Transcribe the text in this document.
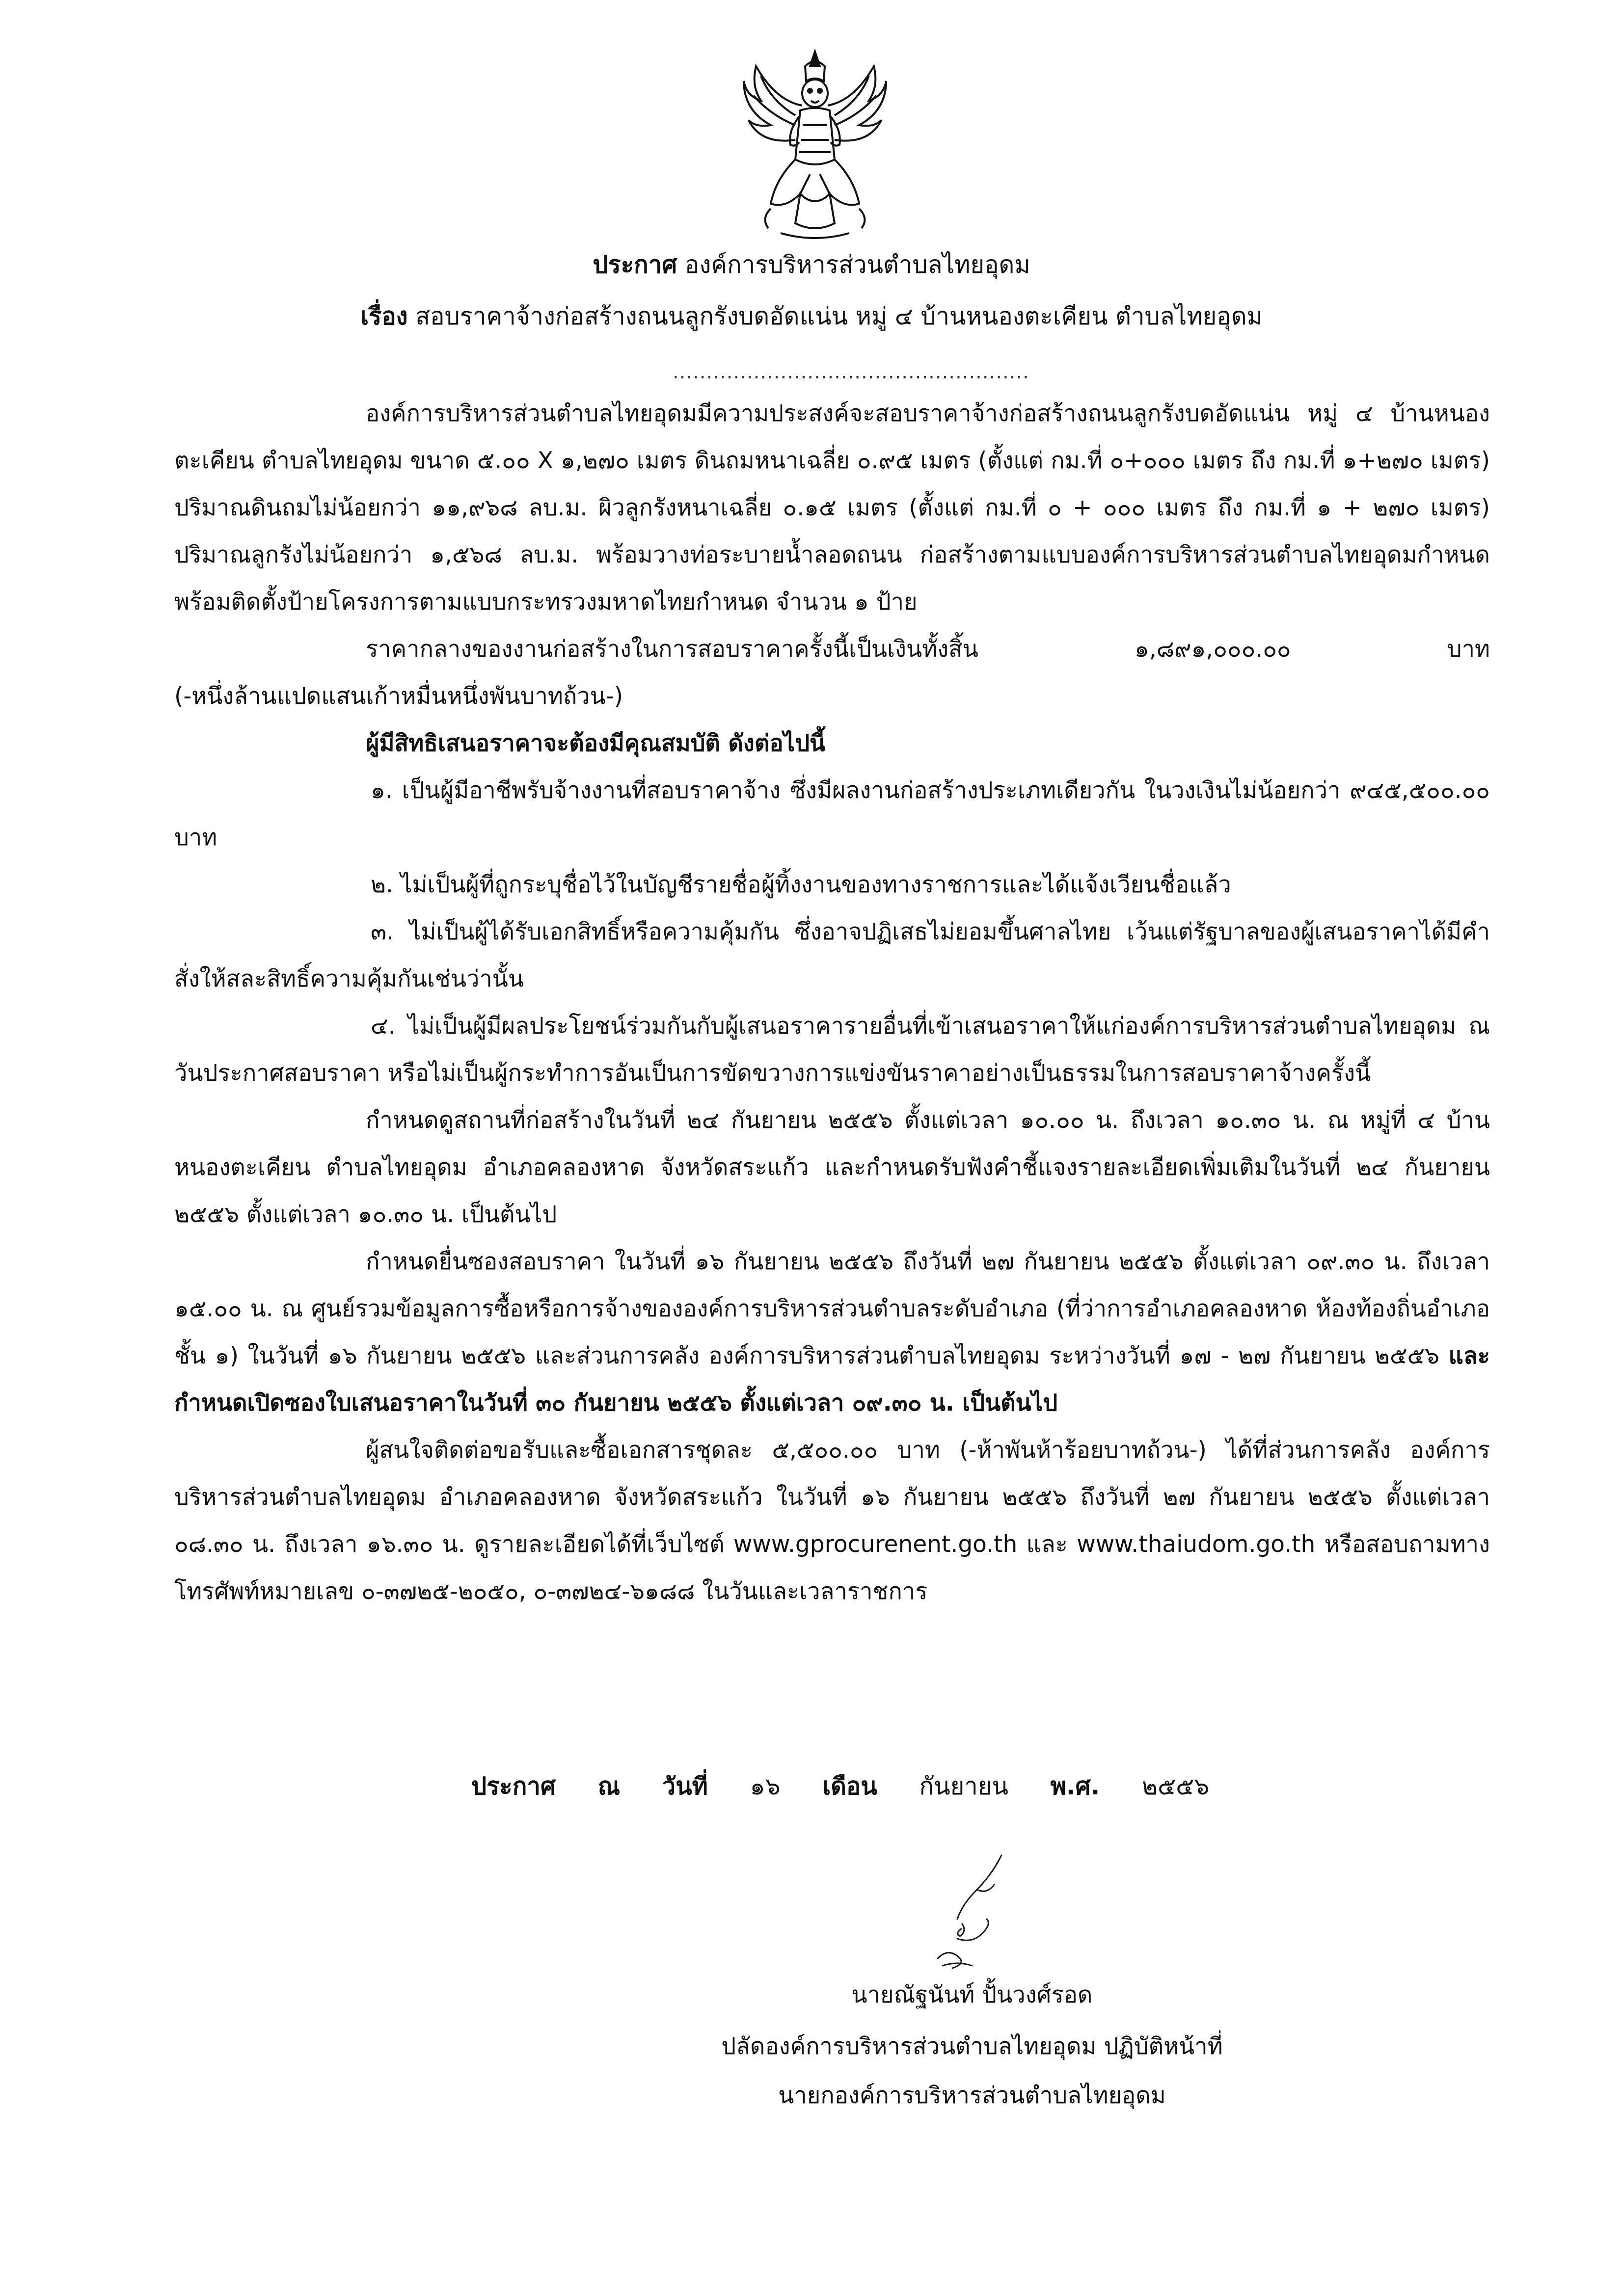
ประกาศ องค์การบริหารส่วนตำบลไทยอุดม
เรื่อง สอบราคาจ้างก่อสร้างถนนลูกรังบดอัดแน่น หมู่ ๔ บ้านหนองตะเคียน ตำบลไทยอุดม
.....................................................

องค์การบริหารส่วนตำบลไทยอุดมมีความประสงค์จะสอบราคาจ้างก่อสร้างถนนลูกรังบดอัดแน่น หมู่ ๔ บ้านหนองตะเคียน ตำบลไทยอุดม ขนาด ๕.๐๐ X ๑,๒๗๐ เมตร ดินถมหนาเฉลี่ย ๐.๙๕ เมตร (ตั้งแต่ กม.ที่ ๐+๐๐๐ เมตร ถึง กม.ที่ ๑+๒๗๐ เมตร) ปริมาณดินถมไม่น้อยกว่า ๑๑,๙๖๘ ลบ.ม. ผิวลูกรังหนาเฉลี่ย ๐.๑๕ เมตร (ตั้งแต่ กม.ที่ ๐ + ๐๐๐ เมตร ถึง กม.ที่ ๑ + ๒๗๐ เมตร) ปริมาณลูกรังไม่น้อยกว่า ๑,๕๖๘ ลบ.ม. พร้อมวางท่อระบายน้ำลอดถนน ก่อสร้างตามแบบองค์การบริหารส่วนตำบลไทยอุดมกำหนด พร้อมติดตั้งป้ายโครงการตามแบบกระทรวงมหาดไทยกำหนด จำนวน ๑ ป้าย

ราคากลางของงานก่อสร้างในการสอบราคาครั้งนี้เป็นเงินทั้งสิ้น	๑,๘๙๑,๐๐๐.๐๐	บาท

(-หนึ่งล้านแปดแสนเก้าหมื่นหนึ่งพันบาทถ้วน-)

ผู้มีสิทธิเสนอราคาจะต้องมีคุณสมบัติ ดังต่อไปนี้

๑. เป็นผู้มีอาชีพรับจ้างงานที่สอบราคาจ้าง ซึ่งมีผลงานก่อสร้างประเภทเดียวกัน ในวงเงินไม่น้อยกว่า ๙๔๕,๕๐๐.๐๐ บาท

๒. ไม่เป็นผู้ที่ถูกระบุชื่อไว้ในบัญชีรายชื่อผู้ทิ้งงานของทางราชการและได้แจ้งเวียนชื่อแล้ว

๓. ไม่เป็นผู้ได้รับเอกสิทธิ์หรือความคุ้มกัน ซึ่งอาจปฏิเสธไม่ยอมขึ้นศาลไทย เว้นแต่รัฐบาลของผู้เสนอราคาได้มีคำสั่งให้สละสิทธิ์ความคุ้มกันเช่นว่านั้น

๔. ไม่เป็นผู้มีผลประโยชน์ร่วมกันกับผู้เสนอราคารายอื่นที่เข้าเสนอราคาให้แก่องค์การบริหารส่วนตำบลไทยอุดม ณ วันประกาศสอบราคา หรือไม่เป็นผู้กระทำการอันเป็นการขัดขวางการแข่งขันราคาอย่างเป็นธรรมในการสอบราคาจ้างครั้งนี้

กำหนดดูสถานที่ก่อสร้างในวันที่ ๒๔ กันยายน ๒๕๕๖ ตั้งแต่เวลา ๑๐.๐๐ น. ถึงเวลา ๑๐.๓๐ น. ณ หมู่ที่ ๔ บ้านหนองตะเคียน ตำบลไทยอุดม อำเภอคลองหาด จังหวัดสระแก้ว และกำหนดรับฟังคำชี้แจงรายละเอียดเพิ่มเติมในวันที่ ๒๔ กันยายน ๒๕๕๖ ตั้งแต่เวลา ๑๐.๓๐ น. เป็นต้นไป

กำหนดยื่นซองสอบราคา ในวันที่ ๑๖ กันยายน ๒๕๕๖ ถึงวันที่ ๒๗ กันยายน ๒๕๕๖ ตั้งแต่เวลา ๐๙.๓๐ น. ถึงเวลา ๑๕.๐๐ น. ณ ศูนย์รวมข้อมูลการซื้อหรือการจ้างขององค์การบริหารส่วนตำบลระดับอำเภอ (ที่ว่าการอำเภอคลองหาด ห้องท้องถิ่นอำเภอ ชั้น ๑) ในวันที่ ๑๖ กันยายน ๒๕๕๖ และส่วนการคลัง องค์การบริหารส่วนตำบลไทยอุดม ระหว่างวันที่ ๑๗ - ๒๗ กันยายน ๒๕๕๖ และกำหนดเปิดซองใบเสนอราคาในวันที่ ๓๐ กันยายน ๒๕๕๖ ตั้งแต่เวลา ๐๙.๓๐ น. เป็นต้นไป

ผู้สนใจติดต่อขอรับและซื้อเอกสารชุดละ ๕,๕๐๐.๐๐ บาท (-ห้าพันห้าร้อยบาทถ้วน-) ได้ที่ส่วนการคลัง องค์การบริหารส่วนตำบลไทยอุดม อำเภอคลองหาด จังหวัดสระแก้ว ในวันที่ ๑๖ กันยายน ๒๕๕๖ ถึงวันที่ ๒๗ กันยายน ๒๕๕๖ ตั้งแต่เวลา ๐๘.๓๐ น. ถึงเวลา ๑๖.๓๐ น. ดูรายละเอียดได้ที่เว็บไซต์ www.gprocurenent.go.th และ www.thaiudom.go.th หรือสอบถามทางโทรศัพท์หมายเลข ๐-๓๗๒๕-๒๐๕๐, ๐-๓๗๒๔-๖๑๘๘ ในวันและเวลาราชการ

ประกาศ ณ วันที่ ๑๖ เดือน กันยายน พ.ศ. ๒๕๕๖
นายณัฐนันท์ ปั้นวงศ์รอด
ปลัดองค์การบริหารส่วนตำบลไทยอุดม ปฏิบัติหน้าที่
นายกองค์การบริหารส่วนตำบลไทยอุดม
